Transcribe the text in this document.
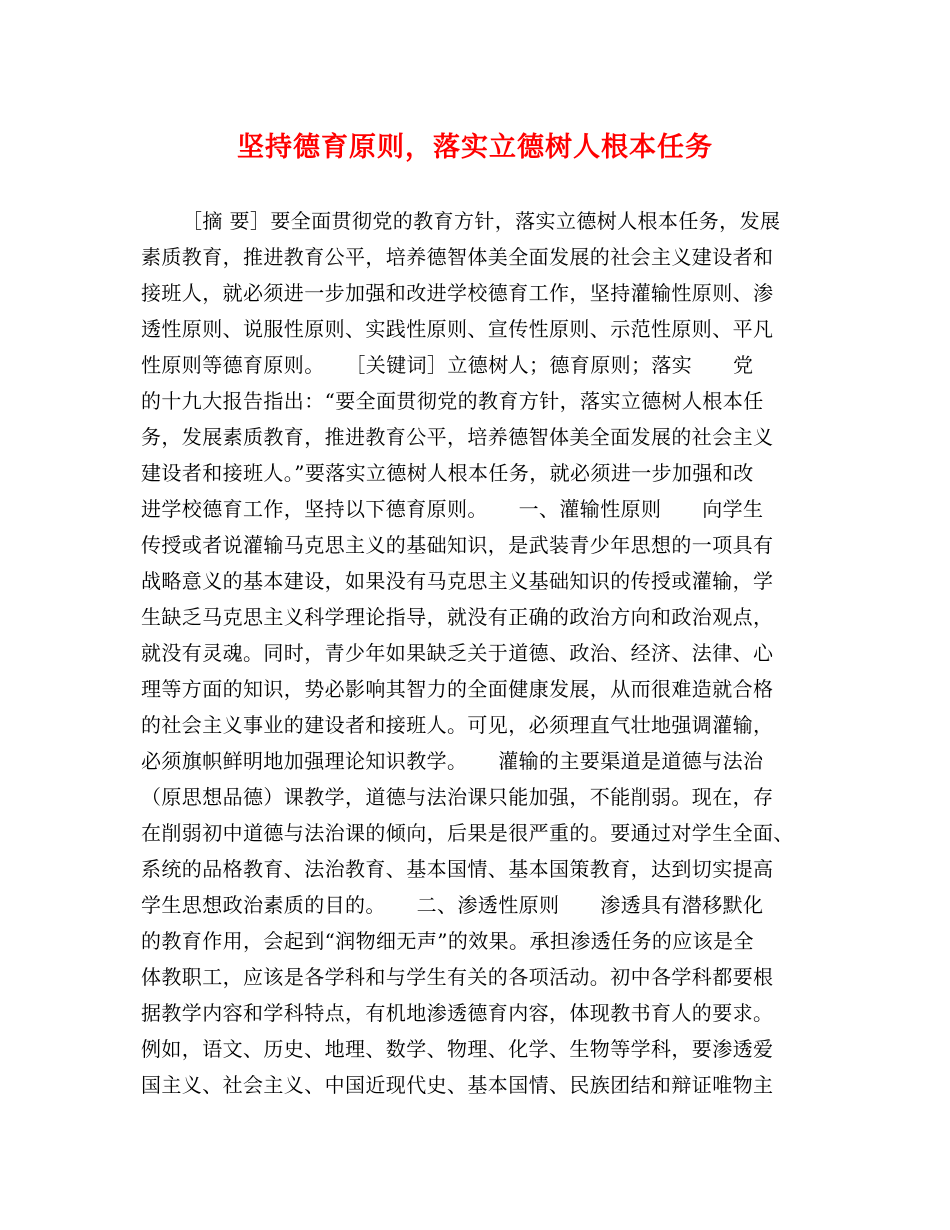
坚持德育原则，落实立德树人根本任务
［摘 要］要全面贯彻党的教育方针，落实立德树人根本任务，发展
素质教育，推进教育公平，培养德智体美全面发展的社会主义建设者和
接班人，就必须进一步加强和改进学校德育工作，坚持灌输性原则、渗
透性原则、说服性原则、实践性原则、宣传性原则、示范性原则、平凡
性原则等德育原则。　　［关键词］立德树人；德育原则；落实　　党
的十九大报告指出：“要全面贯彻党的教育方针，落实立德树人根本任
务，发展素质教育，推进教育公平，培养德智体美全面发展的社会主义
建设者和接班人。”要落实立德树人根本任务，就必须进一步加强和改
进学校德育工作，坚持以下德育原则。　　一、灌输性原则　　向学生
传授或者说灌输马克思主义的基础知识，是武装青少年思想的一项具有
战略意义的基本建设，如果没有马克思主义基础知识的传授或灌输，学
生缺乏马克思主义科学理论指导，就没有正确的政治方向和政治观点，
就没有灵魂。同时，青少年如果缺乏关于道德、政治、经济、法律、心
理等方面的知识，势必影响其智力的全面健康发展，从而很难造就合格
的社会主义事业的建设者和接班人。可见，必须理直气壮地强调灌输，
必须旗帜鲜明地加强理论知识教学。　　灌输的主要渠道是道德与法治
（原思想品德）课教学，道德与法治课只能加强，不能削弱。现在，存
在削弱初中道德与法治课的倾向，后果是很严重的。要通过对学生全面、
系统的品格教育、法治教育、基本国情、基本国策教育，达到切实提高
学生思想政治素质的目的。　　二、渗透性原则　　渗透具有潜移默化
的教育作用，会起到“润物细无声”的效果。承担渗透任务的应该是全
体教职工，应该是各学科和与学生有关的各项活动。初中各学科都要根
据教学内容和学科特点，有机地渗透德育内容，体现教书育人的要求。
例如，语文、历史、地理、数学、物理、化学、生物等学科，要渗透爱
国主义、社会主义、中国近现代史、基本国情、民族团结和辩证唯物主
